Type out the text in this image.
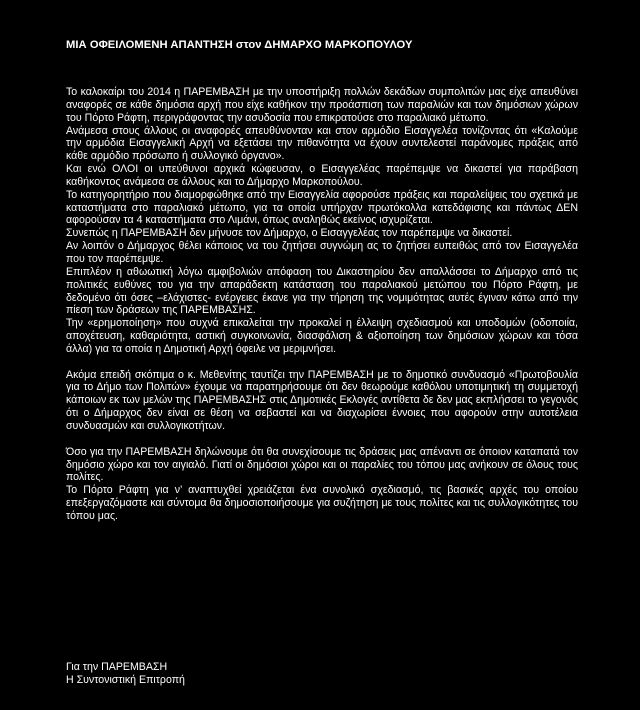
ΜΙΑ ΟΦΕΙΛΟΜΕΝΗ ΑΠΑΝΤΗΣΗ στον ΔΗΜΑΡΧΟ ΜΑΡΚΟΠΟΥΛΟΥ

Το καλοκαίρι του 2014 η ΠΑΡΕΜΒΑΣΗ με την υποστήριξη πολλών δεκάδων συμπολιτών μας είχε απευθύνει αναφορές σε κάθε δημόσια αρχή που είχε καθήκον την προάσπιση των παραλιών και των δημόσιων χώρων του Πόρτο Ράφτη, περιγράφοντας την ασυδοσία που επικρατούσε στο παραλιακό μέτωπο.

Ανάμεσα στους άλλους οι αναφορές απευθύνονταν και στον αρμόδιο Εισαγγελέα τονίζοντας ότι «Καλούμε την αρμόδια Εισαγγελική Αρχή να εξετάσει την πιθανότητα να έχουν συντελεστεί παράνομες πράξεις από κάθε αρμόδιο πρόσωπο ή συλλογικό όργανο».

Και ενώ ΟΛΟΙ οι υπεύθυνοι αρχικά κώφευσαν, ο Εισαγγελέας παρέπεμψε να δικαστεί για παράβαση καθήκοντος ανάμεσα σε άλλους και το Δήμαρχο Μαρκοπούλου.

Το κατηγορητήριο που διαμορφώθηκε από την Εισαγγελία αφορούσε πράξεις και παραλείψεις του σχετικά με καταστήματα στο παραλιακό μέτωπο, για τα οποία υπήρχαν πρωτόκολλα κατεδάφισης και πάντως ΔΕΝ αφορούσαν τα 4 καταστήματα στο Λιμάνι, όπως αναληθώς εκείνος ισχυρίζεται.

Συνεπώς η ΠΑΡΕΜΒΑΣΗ δεν μήνυσε τον Δήμαρχο, ο Εισαγγελέας τον παρέπεμψε να δικαστεί.

Αν λοιπόν ο Δήμαρχος θέλει κάποιος να του ζητήσει συγνώμη ας το ζητήσει ευπειθώς από τον Εισαγγελέα που τον παρέπεμψε.

Επιπλέον η αθωωτική λόγω αμφιβολιών απόφαση του Δικαστηρίου δεν απαλλάσσει το Δήμαρχο από τις πολιτικές ευθύνες του για την απαράδεκτη κατάσταση του παραλιακού μετώπου του Πόρτο Ράφτη, με δεδομένο ότι όσες –ελάχιστες- ενέργειες έκανε για την τήρηση της νομιμότητας αυτές έγιναν κάτω από την πίεση των δράσεων της ΠΑΡΕΜΒΑΣΗΣ.

Την «ερημοποίηση» που συχνά επικαλείται την προκαλεί η έλλειψη σχεδιασμού και υποδομών (οδοποιία, αποχέτευση, καθαριότητα, αστική συγκοινωνία, διασφάλιση & αξιοποίηση των δημόσιων χώρων και τόσα άλλα) για τα οποία η Δημοτική Αρχή όφειλε να μεριμνήσει.

Ακόμα επειδή σκόπιμα ο κ. Μεθενίτης ταυτίζει την ΠΑΡΕΜΒΑΣΗ με το δημοτικό συνδυασμό «Πρωτοβουλία για το Δήμο των Πολιτών» έχουμε να παρατηρήσουμε ότι δεν θεωρούμε καθόλου υποτιμητική τη συμμετοχή κάποιων εκ των μελών της ΠΑΡΕΜΒΑΣΗΣ στις Δημοτικές Εκλογές αντίθετα δε δεν μας εκπλήσσει το γεγονός ότι ο Δήμαρχος δεν είναι σε θέση να σεβαστεί και να διαχωρίσει έννοιες που αφορούν στην αυτοτέλεια συνδυασμών και συλλογικοτήτων.

Όσο για την ΠΑΡΕΜΒΑΣΗ δηλώνουμε ότι θα συνεχίσουμε τις δράσεις μας απέναντι σε όποιον καταπατά τον δημόσιο χώρο και τον αιγιαλό. Γιατί οι δημόσιοι χώροι και οι παραλίες του τόπου μας ανήκουν σε όλους τους πολίτες.

Το Πόρτο Ράφτη για ν’ αναπτυχθεί χρειάζεται ένα συνολικό σχεδιασμό, τις βασικές αρχές του οποίου επεξεργαζόμαστε και σύντομα θα δημοσιοποιήσουμε για συζήτηση με τους πολίτες και τις συλλογικότητες του τόπου μας.

Για την ΠΑΡΕΜΒΑΣΗ
Η Συντονιστική Επιτροπή
